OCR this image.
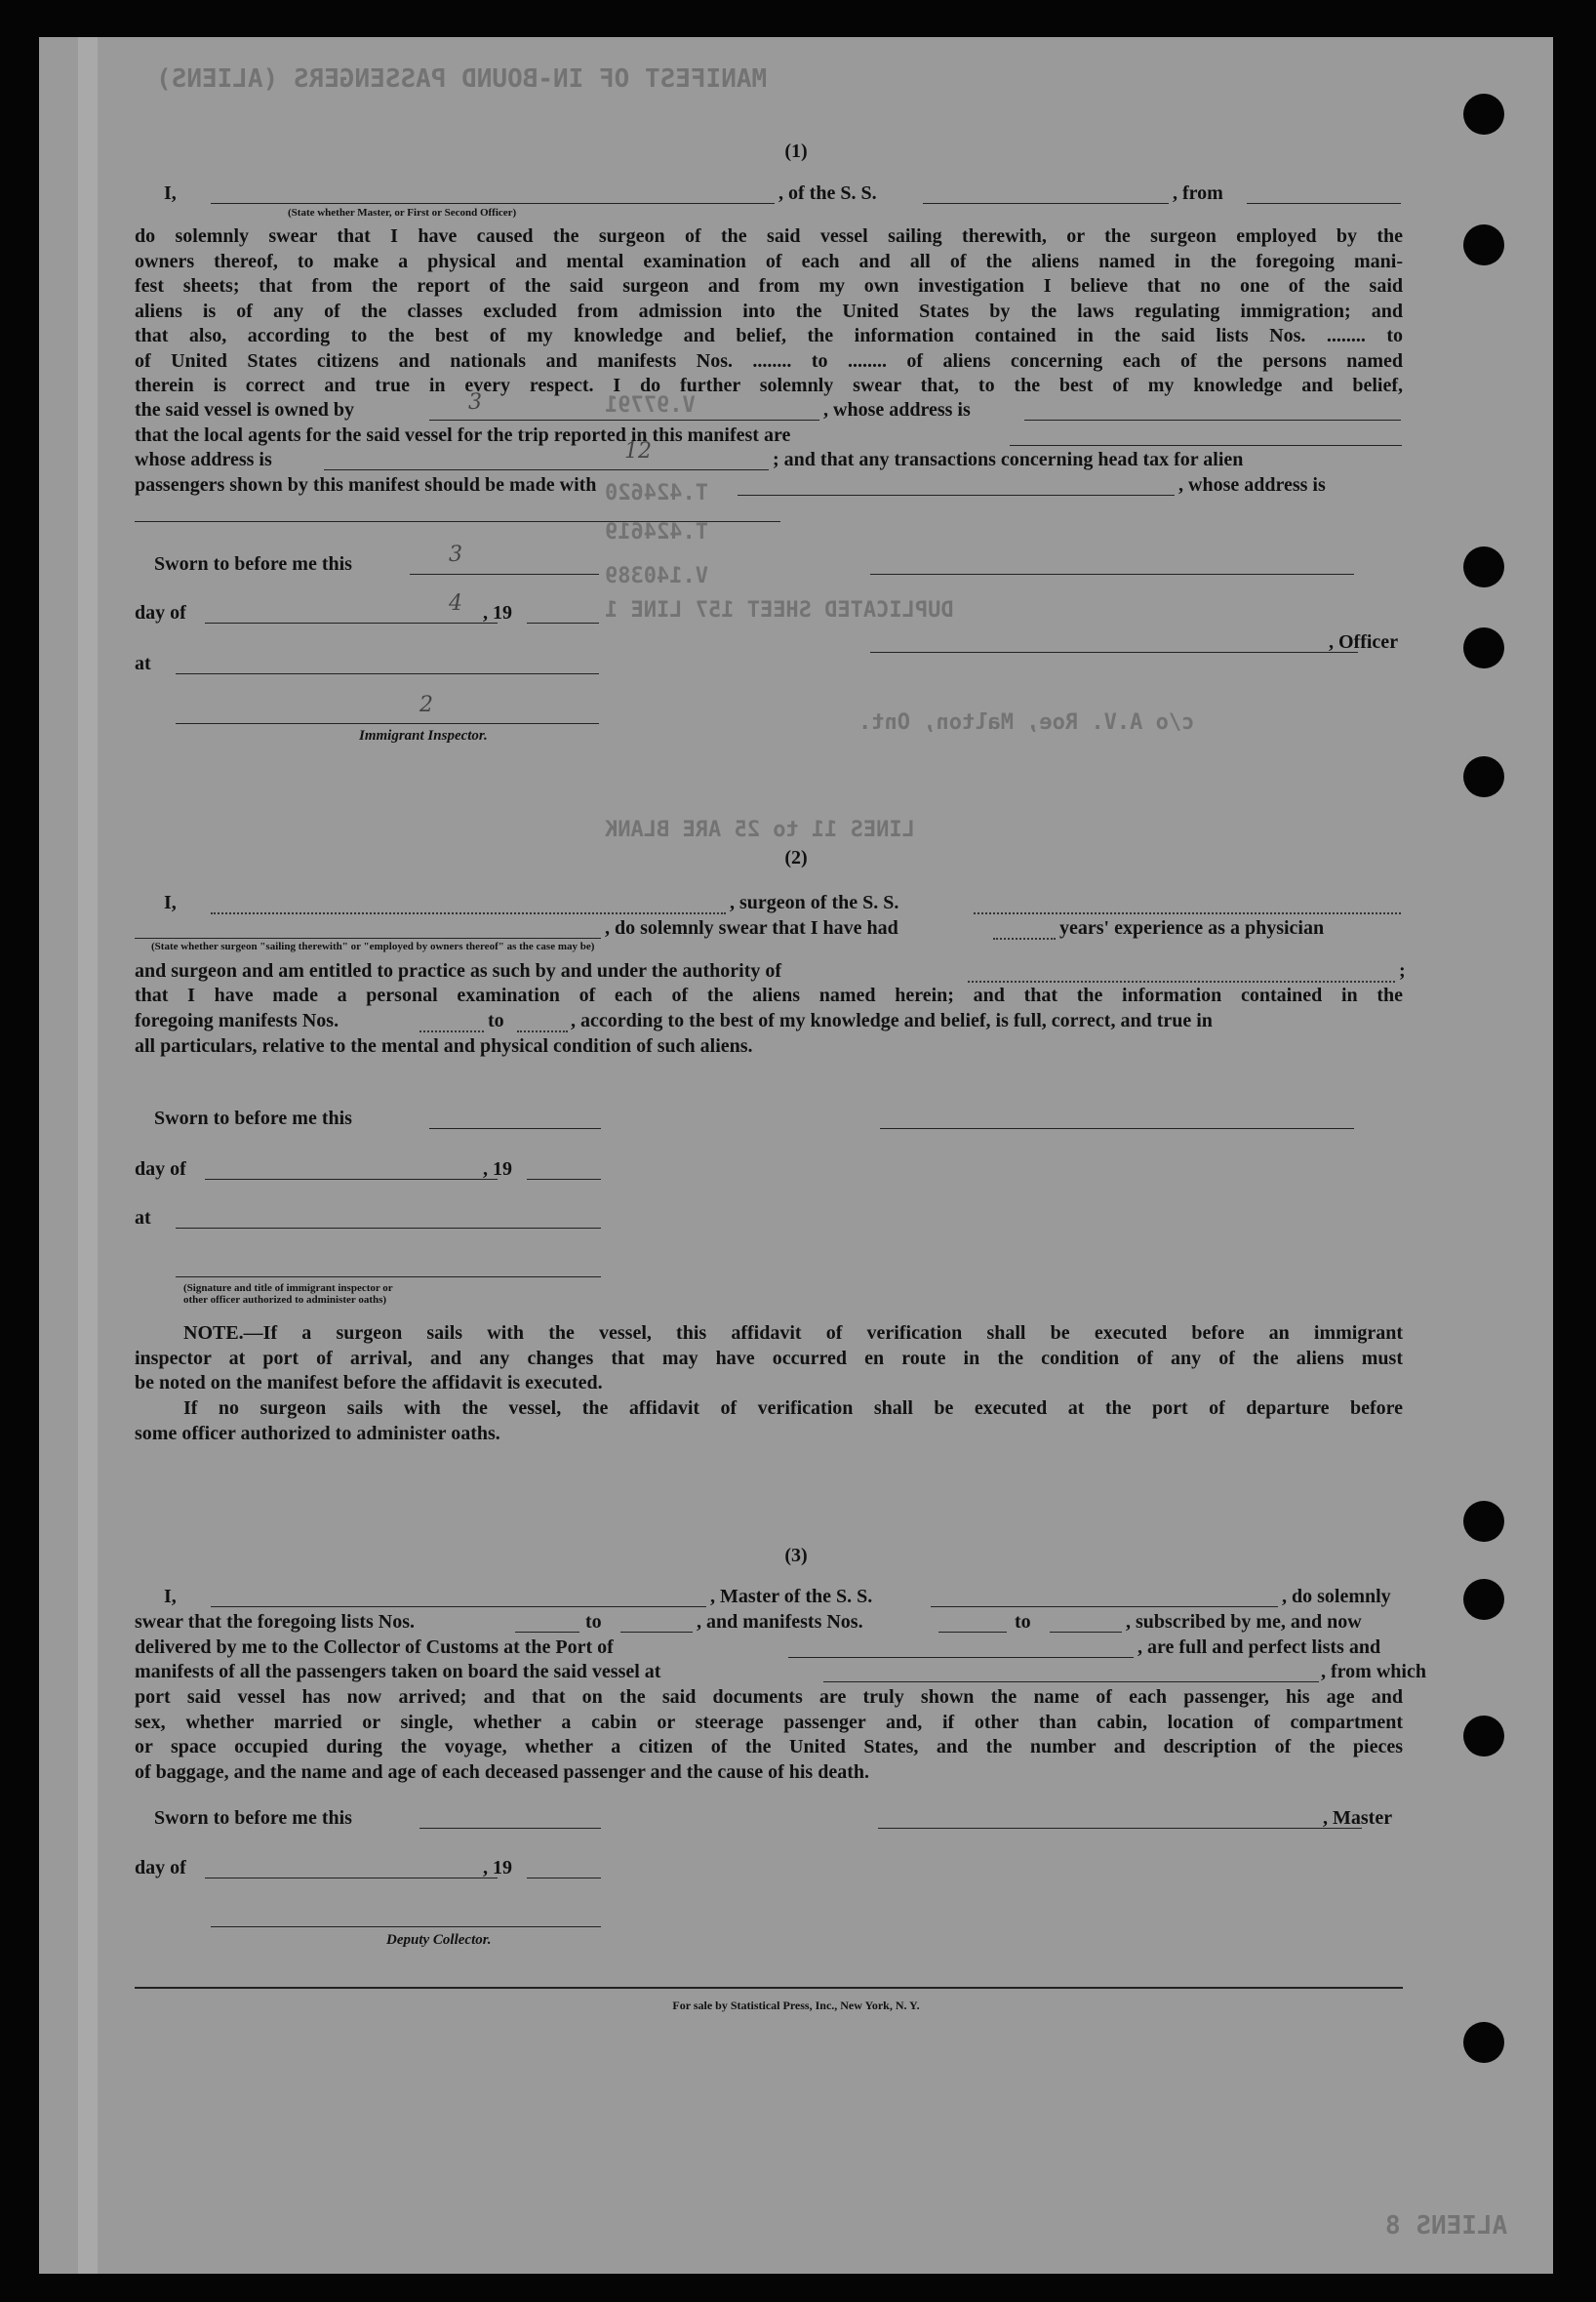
MANIFEST OF IN-BOUND PASSENGERS (ALIENS)
V.97791
T.424620
T.424619
V.140389
DUPLICATED SHEET 157 LINE 1
c/o A.V. Roe, Malton, Ont.
LINES 11 to 25 ARE BLANK
ALIENS 8
(1)
I,	, of the S. S.	, from
(State whether Master, or First or Second Officer)
do solemnly swear that I have caused the surgeon of the said vessel sailing therewith, or the surgeon employed by the
owners thereof, to make a physical and mental examination of each and all of the aliens named in the foregoing mani-
fest sheets; that from the report of the said surgeon and from my own investigation I believe that no one of the said
aliens is of any of the classes excluded from admission into the United States by the laws regulating immigration; and
that also, according to the best of my knowledge and belief, the information contained in the said lists Nos. ........ to
of United States citizens and nationals and manifests Nos. ........ to ........ of aliens concerning each of the persons named
therein is correct and true in every respect. I do further solemnly swear that, to the best of my knowledge and belief,
the said vessel is owned by	3	, whose address is
that the local agents for the said vessel for the trip reported in this manifest are
whose address is	12	; and that any transactions concerning head tax for alien
passengers shown by this manifest should be made with	, whose address is
Sworn to before me this	3
day of	4 , 19
, Officer
at
2
Immigrant Inspector.
(2)
I,	, surgeon of the S. S.
, do solemnly swear that I have had	years' experience as a physician
(State whether surgeon "sailing therewith" or "employed by owners thereof" as the case may be)
and surgeon and am entitled to practice as such by and under the authority of	;
that I have made a personal examination of each of the aliens named herein; and that the information contained in the
foregoing manifests Nos.	to	, according to the best of my knowledge and belief, is full, correct, and true in
all particulars, relative to the mental and physical condition of such aliens.
Sworn to before me this
day of	, 19
at
(Signature and title of immigrant inspector or
other officer authorized to administer oaths)
NOTE.—If a surgeon sails with the vessel, this affidavit of verification shall be executed before an immigrant
inspector at port of arrival, and any changes that may have occurred en route in the condition of any of the aliens must
be noted on the manifest before the affidavit is executed.
If no surgeon sails with the vessel, the affidavit of verification shall be executed at the port of departure before
some officer authorized to administer oaths.
(3)
I,	, Master of the S. S.	, do solemnly
swear that the foregoing lists Nos.	to	, and manifests Nos.	to	, subscribed by me, and now
delivered by me to the Collector of Customs at the Port of	, are full and perfect lists and
manifests of all the passengers taken on board the said vessel at	, from which
port said vessel has now arrived; and that on the said documents are truly shown the name of each passenger, his age and
sex, whether married or single, whether a cabin or steerage passenger and, if other than cabin, location of compartment
or space occupied during the voyage, whether a citizen of the United States, and the number and description of the pieces
of baggage, and the name and age of each deceased passenger and the cause of his death.
Sworn to before me this	, Master
day of	, 19
Deputy Collector.
For sale by Statistical Press, Inc., New York, N. Y.
